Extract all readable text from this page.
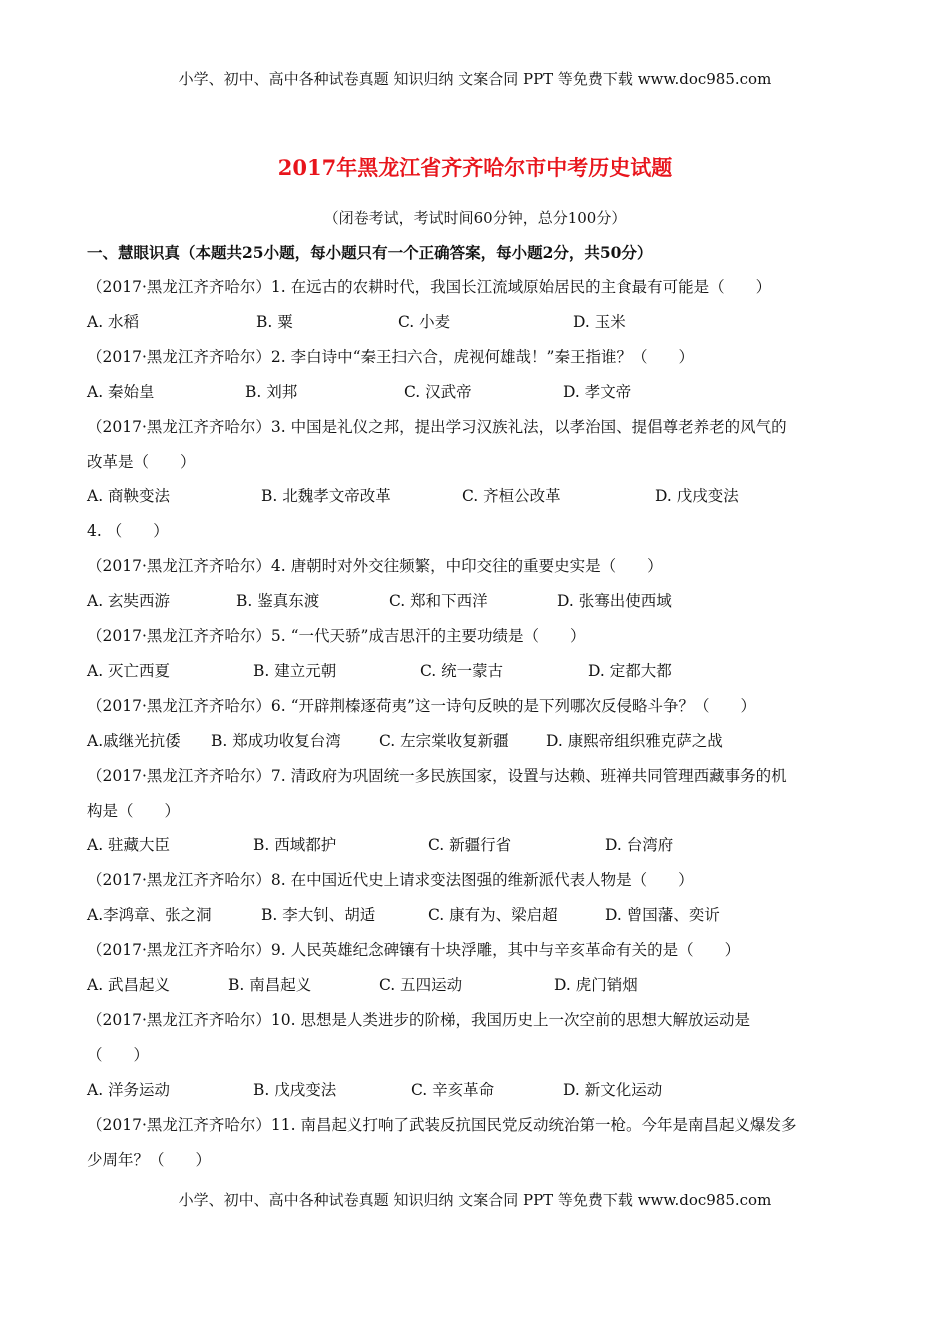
小学、初中、高中各种试卷真题 知识归纳 文案合同 PPT 等免费下载 www.doc985.com
2017年黑龙江省齐齐哈尔市中考历史试题
（闭卷考试，考试时间60分钟，总分100分）
一、慧眼识真（本题共25小题，每小题只有一个正确答案，每小题2分，共50分）
（2017·黑龙江齐齐哈尔）1. 在远古的农耕时代，我国长江流域原始居民的主食最有可能是（　　）
A. 水稻	B. 粟	C. 小麦	D. 玉米
（2017·黑龙江齐齐哈尔）2. 李白诗中“秦王扫六合，虎视何雄哉！”秦王指谁？（　　）
A. 秦始皇	B. 刘邦	C. 汉武帝	D. 孝文帝
（2017·黑龙江齐齐哈尔）3. 中国是礼仪之邦，提出学习汉族礼法，以孝治国、提倡尊老养老的风气的
改革是（　　）
A. 商鞅变法	B. 北魏孝文帝改革	C. 齐桓公改革	D. 戊戌变法
4. （　　）
（2017·黑龙江齐齐哈尔）4. 唐朝时对外交往频繁，中印交往的重要史实是（　　）
A. 玄奘西游	B. 鉴真东渡	C. 郑和下西洋	D. 张骞出使西域
（2017·黑龙江齐齐哈尔）5. “一代天骄”成吉思汗的主要功绩是（　　）
A. 灭亡西夏	B. 建立元朝	C. 统一蒙古	D. 定都大都
（2017·黑龙江齐齐哈尔）6. “开辟荆榛逐荷夷”这一诗句反映的是下列哪次反侵略斗争？（　　）
A.戚继光抗倭 B. 郑成功收复台湾 C. 左宗棠收复新疆 D. 康熙帝组织雅克萨之战
（2017·黑龙江齐齐哈尔）7. 清政府为巩固统一多民族国家，设置与达赖、班禅共同管理西藏事务的机
构是（　　）
A. 驻藏大臣	B. 西域都护	C. 新疆行省	D. 台湾府
（2017·黑龙江齐齐哈尔）8. 在中国近代史上请求变法图强的维新派代表人物是（　　）
A.李鸿章、张之洞	B. 李大钊、胡适	C. 康有为、梁启超	D. 曾国藩、奕䜣
（2017·黑龙江齐齐哈尔）9. 人民英雄纪念碑镶有十块浮雕，其中与辛亥革命有关的是（　　）
A. 武昌起义	B. 南昌起义	C. 五四运动	D. 虎门销烟
（2017·黑龙江齐齐哈尔）10. 思想是人类进步的阶梯，我国历史上一次空前的思想大解放运动是
（　　）
A. 洋务运动	B. 戊戌变法	C. 辛亥革命	D. 新文化运动
（2017·黑龙江齐齐哈尔）11. 南昌起义打响了武装反抗国民党反动统治第一枪。今年是南昌起义爆发多
少周年？（　　）
小学、初中、高中各种试卷真题 知识归纳 文案合同 PPT 等免费下载 www.doc985.com
